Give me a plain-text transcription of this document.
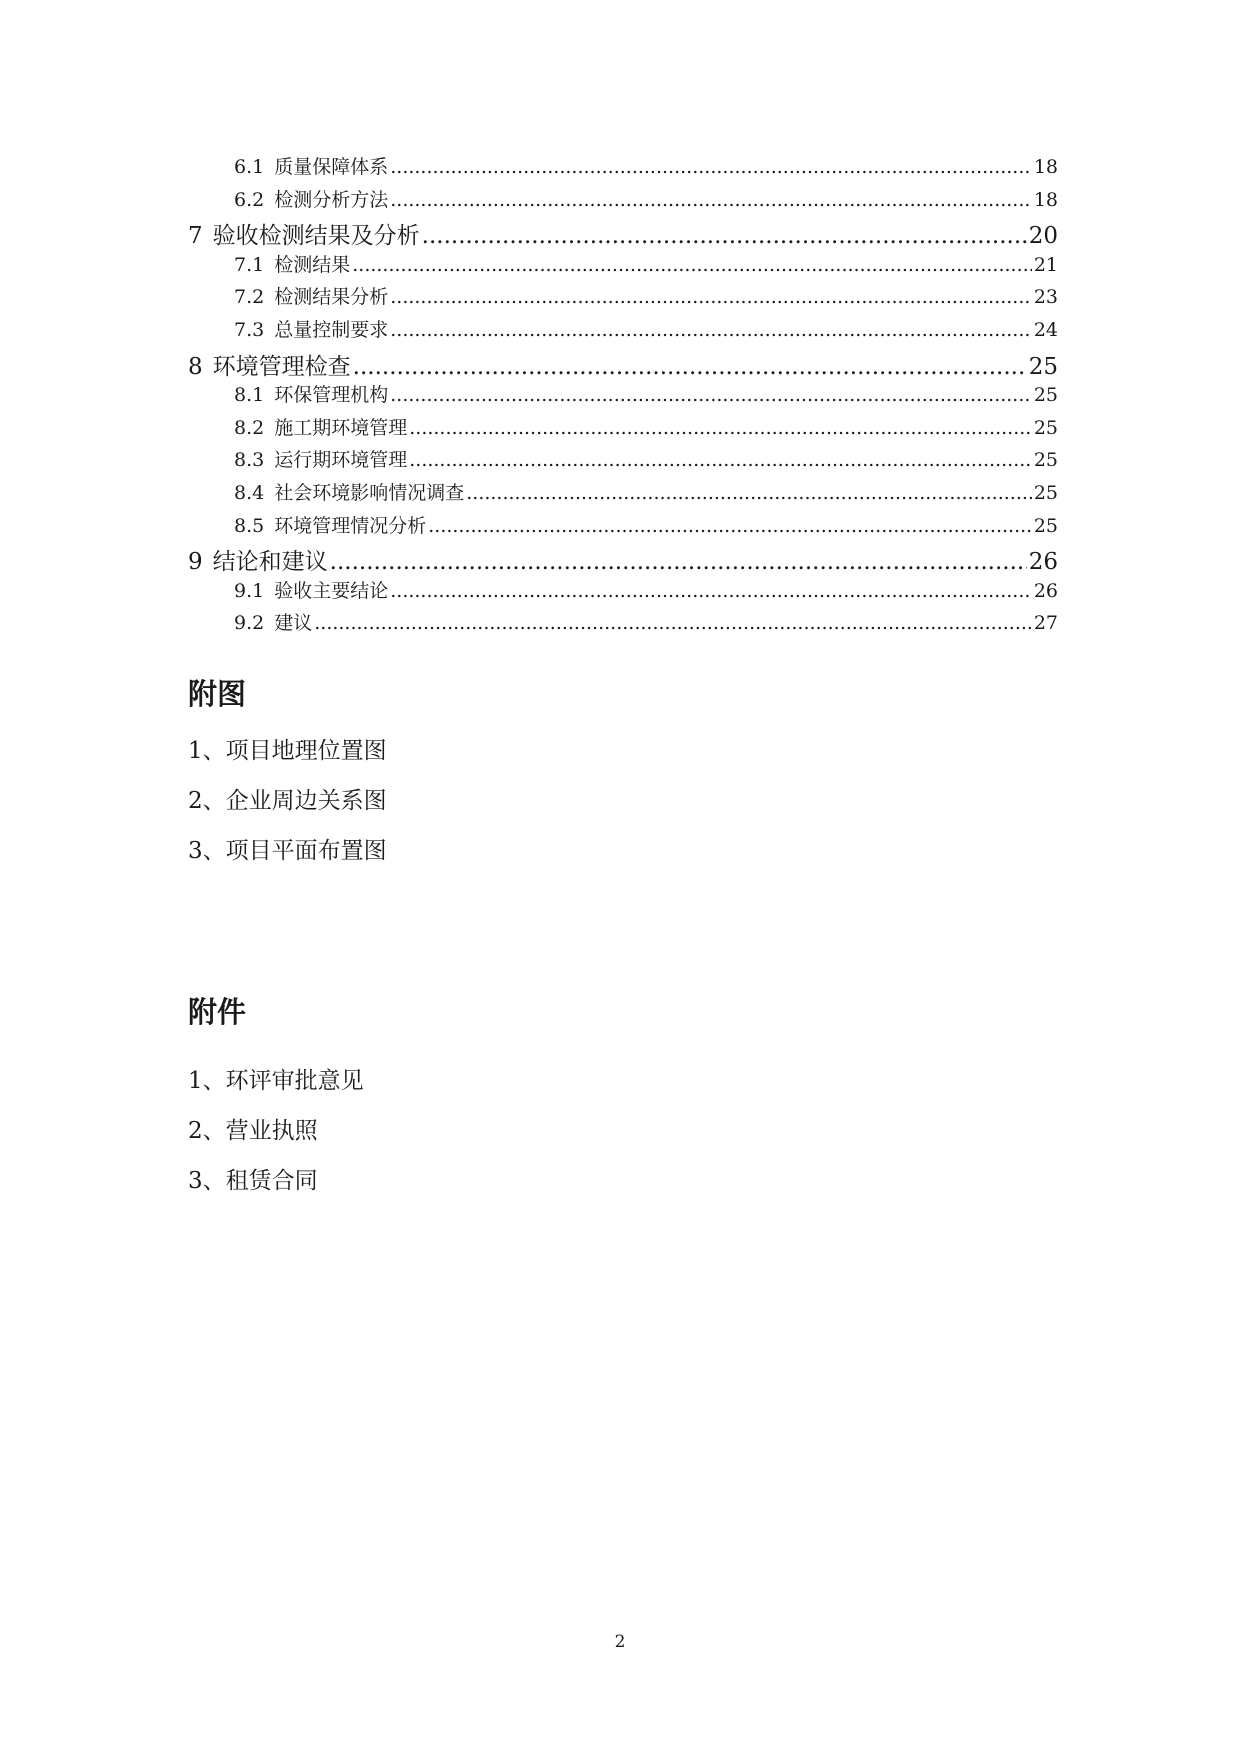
6.1 质量保障体系 .....	18
6.2 检测分析方法 .....	18
7 验收检测结果及分析 .....	20
7.1 检测结果 .....	21
7.2 检测结果分析 .....	23
7.3 总量控制要求 .....	24
8 环境管理检查 .....	25
8.1 环保管理机构 .....	25
8.2 施工期环境管理 .....	25
8.3 运行期环境管理 .....	25
8.4 社会环境影响情况调查 .....	25
8.5 环境管理情况分析 .....	25
9 结论和建议 .....	26
9.1 验收主要结论 .....	26
9.2 建议 .....	27
附图
1、项目地理位置图
2、企业周边关系图
3、项目平面布置图
附件
1、环评审批意见
2、营业执照
3、租赁合同
2
